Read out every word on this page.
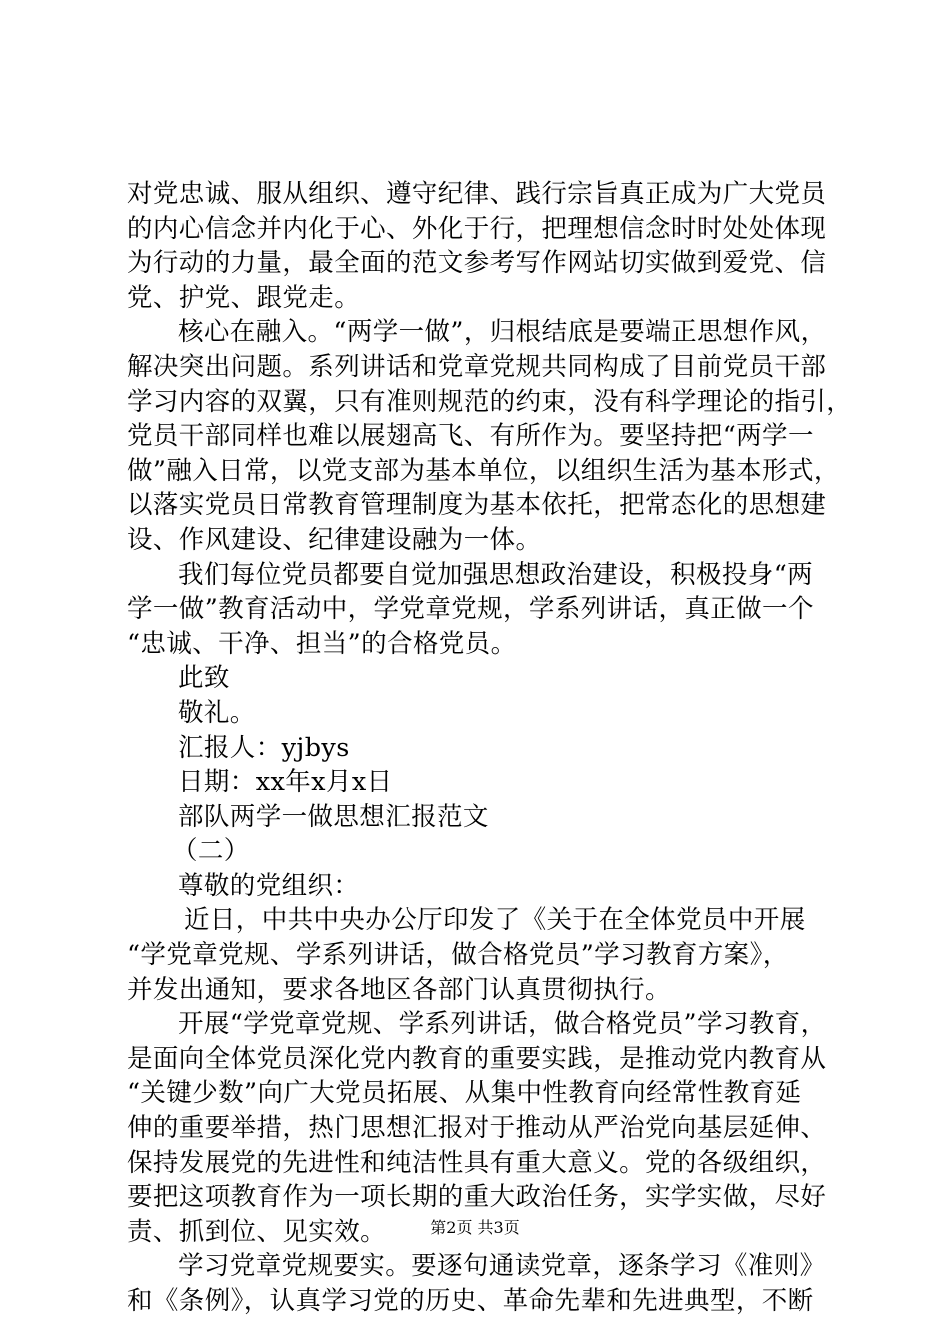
对党忠诚、服从组织、遵守纪律、践行宗旨真正成为广大党员
的内心信念并内化于心、外化于行，把理想信念时时处处体现
为行动的力量，最全面的范文参考写作网站切实做到爱党、信
党、护党、跟党走。
核心在融入。“两学一做”，归根结底是要端正思想作风，
解决突出问题。系列讲话和党章党规共同构成了目前党员干部
学习内容的双翼，只有准则规范的约束，没有科学理论的指引，
党员干部同样也难以展翅高飞、有所作为。要坚持把“两学一
做”融入日常，以党支部为基本单位，以组织生活为基本形式，
以落实党员日常教育管理制度为基本依托，把常态化的思想建
设、作风建设、纪律建设融为一体。
我们每位党员都要自觉加强思想政治建设，积极投身“两
学一做”教育活动中，学党章党规，学系列讲话，真正做一个
“忠诚、干净、担当”的合格党员。
此致
敬礼。
汇报人：yjbys
日期：xx年x月x日
部队两学一做思想汇报范文
（二）
尊敬的党组织：
近日，中共中央办公厅印发了《关于在全体党员中开展
“学党章党规、学系列讲话，做合格党员”学习教育方案》，
并发出通知，要求各地区各部门认真贯彻执行。
开展“学党章党规、学系列讲话，做合格党员”学习教育，
是面向全体党员深化党内教育的重要实践，是推动党内教育从
“关键少数”向广大党员拓展、从集中性教育向经常性教育延
伸的重要举措，热门思想汇报对于推动从严治党向基层延伸、
保持发展党的先进性和纯洁性具有重大意义。党的各级组织，
要把这项教育作为一项长期的重大政治任务，实学实做，尽好
责、抓到位、见实效。
学习党章党规要实。要逐句通读党章，逐条学习《准则》
和《条例》，认真学习党的历史、革命先辈和先进典型，不断
第2页 共3页
